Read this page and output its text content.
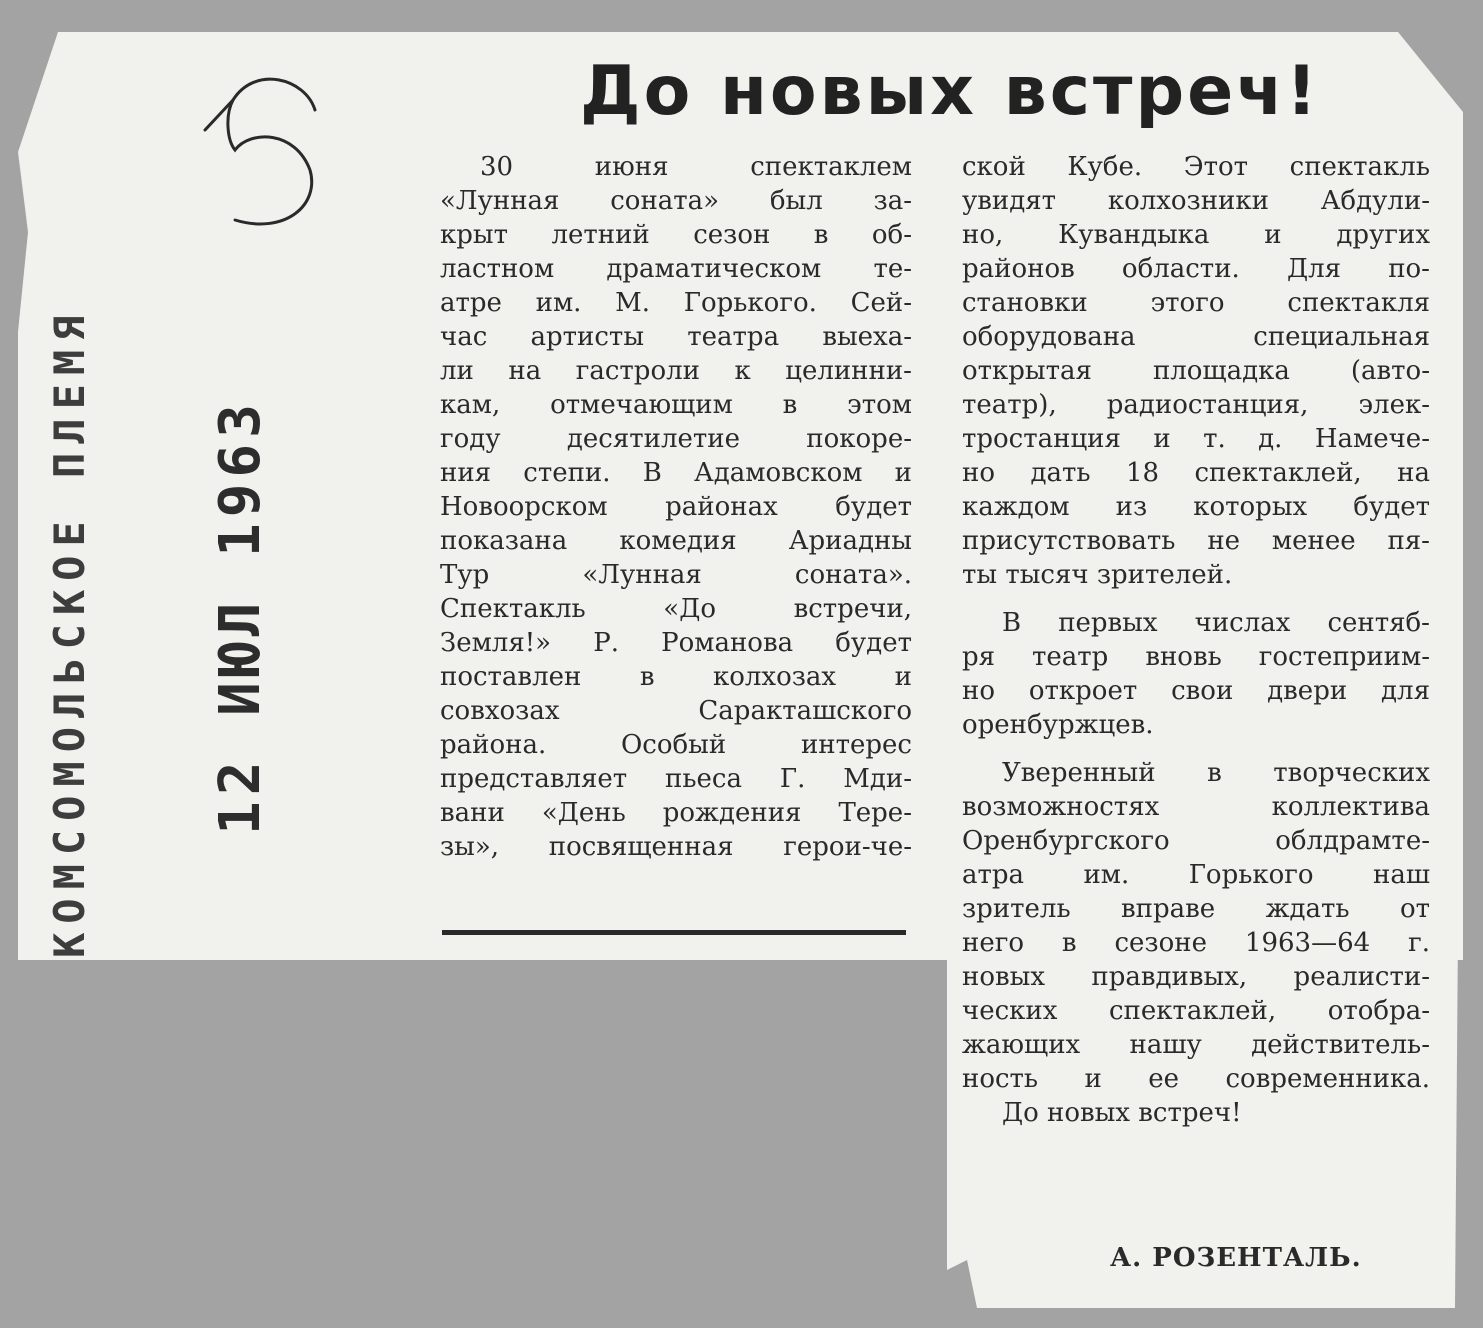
КОМСОМОЛЬСКОЕ ПЛЕМЯ 12 ИЮЛ 1963
До новых встреч!
30	июня	спектаклем
«Лунная соната» был за-
крыт летний сезон в об-
ластном драматическом те-
атре им. М. Горького. Сей-
час артисты театра выеха-
ли на гастроли к целинни-
кам, отмечающим в этом
году	десятилетие	покоре-
ния степи. В Адамовском и
Новоорском районах будет
показана комедия Ариадны
Тур	«Лунная	соната».
Спектакль	«До	встречи,
Земля!» Р. Романова будет
поставлен в колхозах и
совхозах	Саракташского
района.	Особый	интерес
представляет пьеса Г. Мди-
вани «День рождения Тере-
зы», посвященная герои-че-
ской Кубе. Этот спектакль
увидят колхозники Абдули-
но, Кувандыка и других
районов области. Для по-
становки этого спектакля
оборудована	специальная
открытая площадка (авто-
театр), радиостанция, элек-
тростанция и т. д. Намече-
но дать 18 спектаклей, на
каждом из которых будет
присутствовать не менее пя-
ты тысяч зрителей.
В первых числах сентяб-
ря театр вновь гостеприим-
но откроет свои двери для
оренбуржцев.
Уверенный в творческих
возможностях	коллектива
Оренбургского	облдрамте-
атра им. Горького наш
зритель вправе ждать от
него в сезоне 1963—64 г.
новых правдивых, реалисти-
ческих спектаклей, отобра-
жающих нашу действитель-
ность и ее современника.
До новых встреч!
А. РОЗЕНТАЛЬ.
